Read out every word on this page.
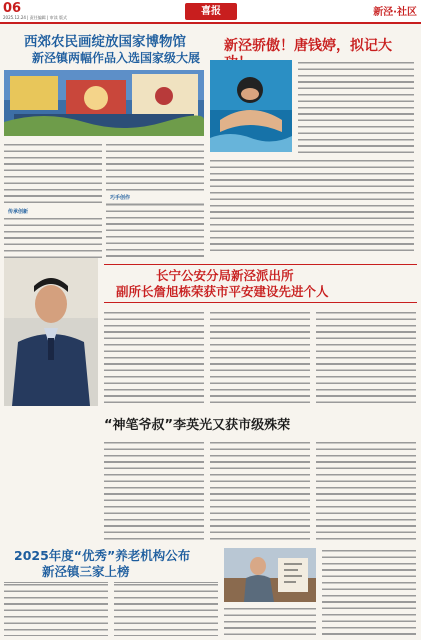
06
2025.12.24 | 责任编辑 | 审读 版式
喜报	新泾·社区
西郊农民画绽放国家博物馆
新泾镇两幅作品入选国家级大展
传承创新
巧手创作
新泾骄傲！唐钱婷，拟记大
长宁公安分局新泾派出所
副所长詹旭栋荣获市平安建设先进个人
“神笔爷叔”李英光又获市级殊荣
2025年度“优秀”养老机构公布
新泾镇三家上榜
